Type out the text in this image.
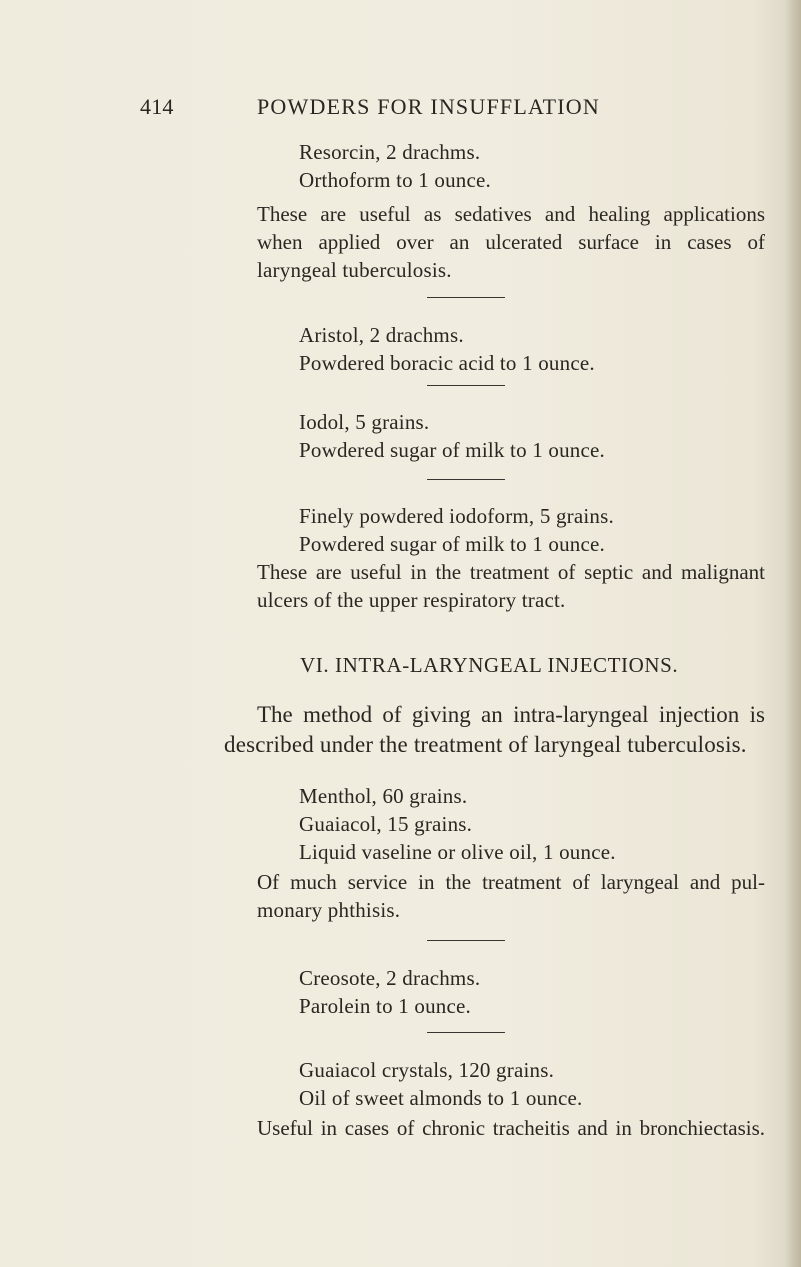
414	POWDERS FOR INSUFFLATION
Resorcin, 2 drachms.
Orthoform to 1 ounce.
These are useful as sedatives and healing applications
when applied over an ulcerated surface in cases of
laryngeal tuberculosis.
Aristol, 2 drachms.
Powdered boracic acid to 1 ounce.
Iodol, 5 grains.
Powdered sugar of milk to 1 ounce.
Finely powdered iodoform, 5 grains.
Powdered sugar of milk to 1 ounce.
These are useful in the treatment of septic and malignant
ulcers of the upper respiratory tract.
VI. INTRA-LARYNGEAL INJECTIONS.
The method of giving an intra-laryngeal injection is
described under the treatment of laryngeal tuberculosis.
Menthol, 60 grains.
Guaiacol, 15 grains.
Liquid vaseline or olive oil, 1 ounce.
Of much service in the treatment of laryngeal and pul-
monary phthisis.
Creosote, 2 drachms.
Parolein to 1 ounce.
Guaiacol crystals, 120 grains.
Oil of sweet almonds to 1 ounce.
Useful in cases of chronic tracheitis and in bronchiectasis.
